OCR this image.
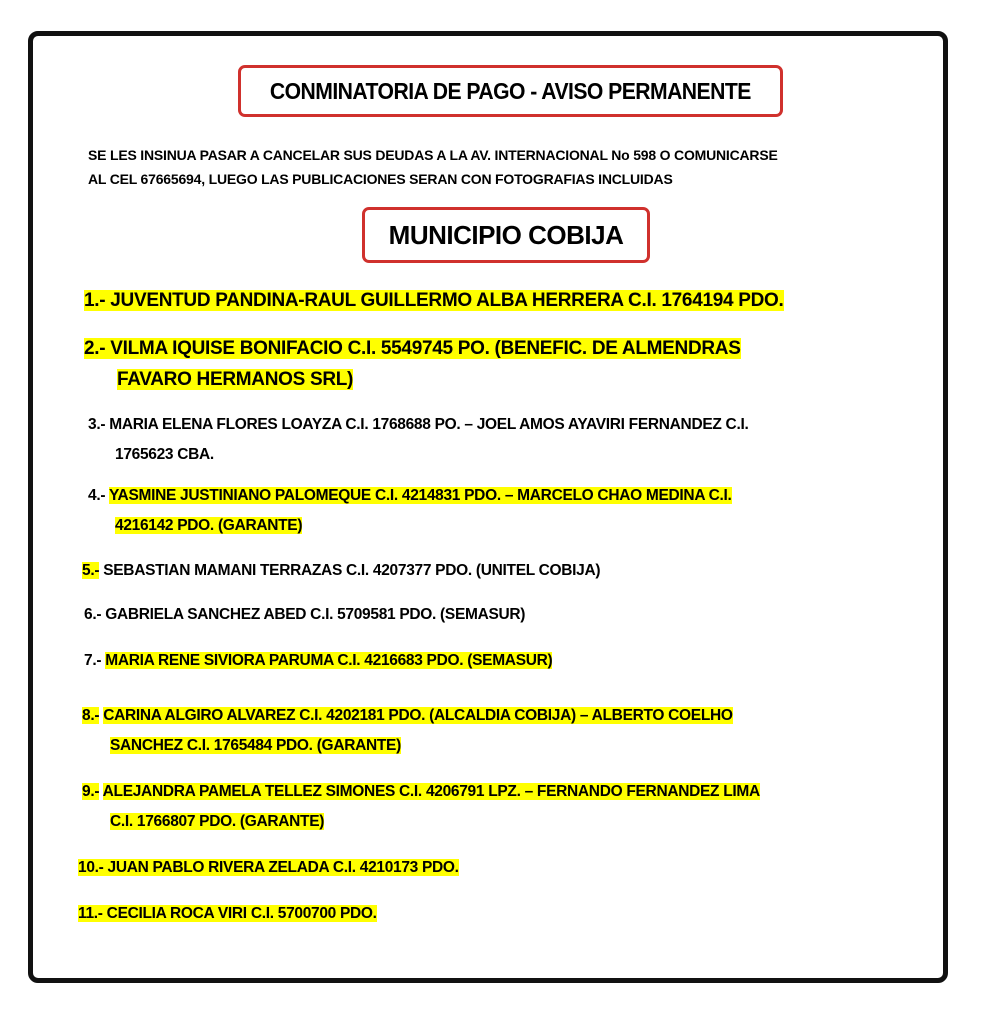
CONMINATORIA DE PAGO - AVISO PERMANENTE
SE LES INSINUA PASAR A CANCELAR SUS DEUDAS A LA AV. INTERNACIONAL No 598 O COMUNICARSE
AL CEL 67665694, LUEGO LAS PUBLICACIONES SERAN CON FOTOGRAFIAS INCLUIDAS
MUNICIPIO COBIJA
1.- JUVENTUD PANDINA-RAUL GUILLERMO ALBA HERRERA C.I. 1764194 PDO.
2.- VILMA IQUISE BONIFACIO C.I. 5549745 PO. (BENEFIC. DE ALMENDRAS
FAVARO HERMANOS SRL)
3.- MARIA ELENA FLORES LOAYZA C.I. 1768688 PO. – JOEL AMOS AYAVIRI FERNANDEZ C.I.
1765623 CBA.
4.- YASMINE JUSTINIANO PALOMEQUE C.I. 4214831 PDO. – MARCELO CHAO MEDINA C.I.
4216142 PDO. (GARANTE)
5.- SEBASTIAN MAMANI TERRAZAS C.I. 4207377 PDO. (UNITEL COBIJA)
6.- GABRIELA SANCHEZ ABED C.I. 5709581 PDO. (SEMASUR)
7.- MARIA RENE SIVIORA PARUMA C.I. 4216683 PDO. (SEMASUR)
8.- CARINA ALGIRO ALVAREZ C.I. 4202181 PDO. (ALCALDIA COBIJA) – ALBERTO COELHO
SANCHEZ C.I. 1765484 PDO. (GARANTE)
9.- ALEJANDRA PAMELA TELLEZ SIMONES C.I. 4206791 LPZ. – FERNANDO FERNANDEZ LIMA
C.I. 1766807 PDO. (GARANTE)
10.- JUAN PABLO RIVERA ZELADA C.I. 4210173 PDO.
11.- CECILIA ROCA VIRI C.I. 5700700 PDO.
